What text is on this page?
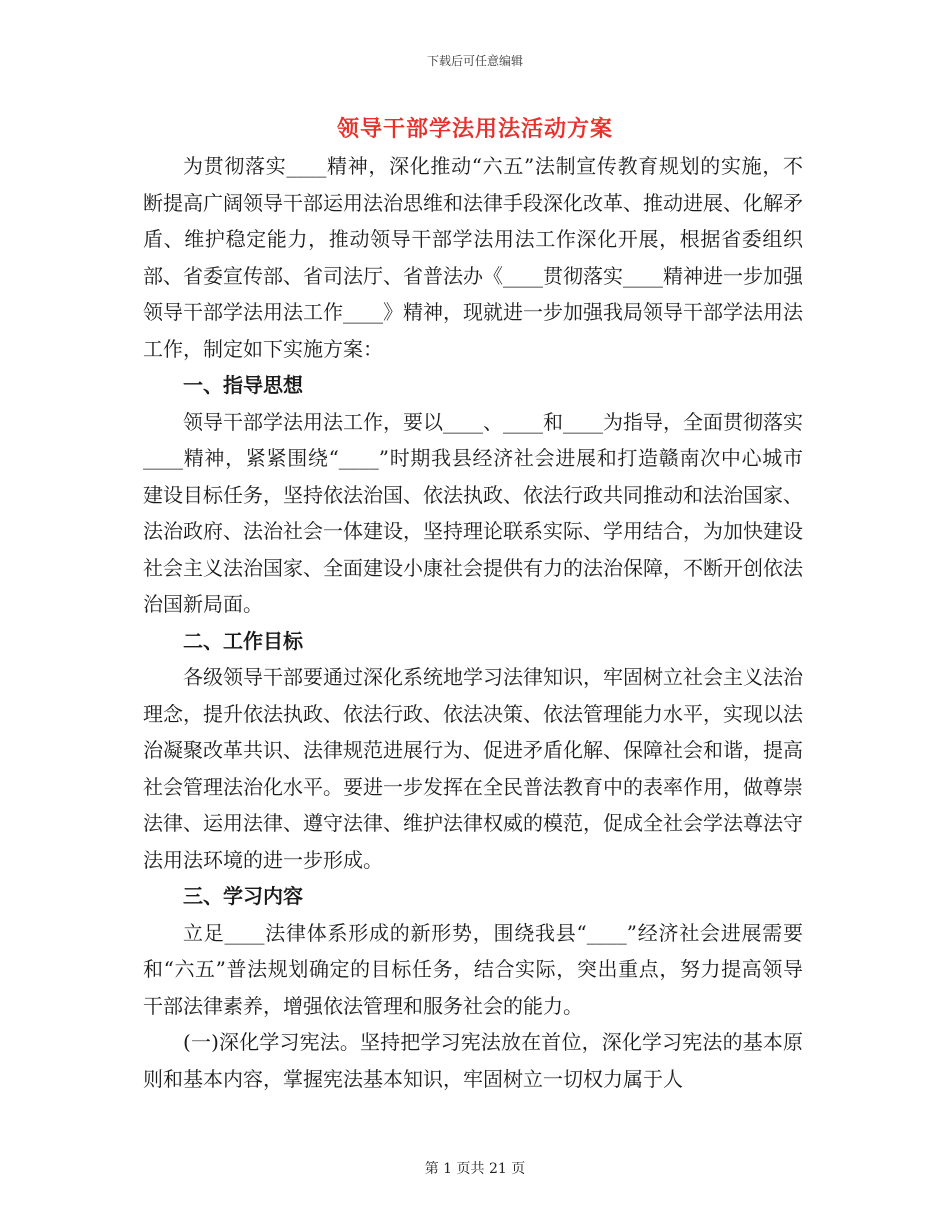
下载后可任意编辑
领导干部学法用法活动方案

为贯彻落实____精神，深化推动“六五”法制宣传教育规划的实施，不断提高广阔领导干部运用法治思维和法律手段深化改革、推动进展、化解矛盾、维护稳定能力，推动领导干部学法用法工作深化开展，根据省委组织部、省委宣传部、省司法厅、省普法办《____贯彻落实____精神进一步加强领导干部学法用法工作____》精神，现就进一步加强我局领导干部学法用法工作，制定如下实施方案：

一、指导思想

领导干部学法用法工作，要以____、____和____为指导，全面贯彻落实____精神，紧紧围绕“____”时期我县经济社会进展和打造赣南次中心城市建设目标任务，坚持依法治国、依法执政、依法行政共同推动和法治国家、法治政府、法治社会一体建设，坚持理论联系实际、学用结合，为加快建设社会主义法治国家、全面建设小康社会提供有力的法治保障，不断开创依法治国新局面。

二、工作目标

各级领导干部要通过深化系统地学习法律知识，牢固树立社会主义法治理念，提升依法执政、依法行政、依法决策、依法管理能力水平，实现以法治凝聚改革共识、法律规范进展行为、促进矛盾化解、保障社会和谐，提高社会管理法治化水平。要进一步发挥在全民普法教育中的表率作用，做尊崇法律、运用法律、遵守法律、维护法律权威的模范，促成全社会学法尊法守法用法环境的进一步形成。

三、学习内容

立足____法律体系形成的新形势，围绕我县“____”经济社会进展需要和“六五”普法规划确定的目标任务，结合实际，突出重点，努力提高领导干部法律素养，增强依法管理和服务社会的能力。

(一)深化学习宪法。坚持把学习宪法放在首位，深化学习宪法的基本原则和基本内容，掌握宪法基本知识，牢固树立一切权力属于人

第 1 页共 21 页
